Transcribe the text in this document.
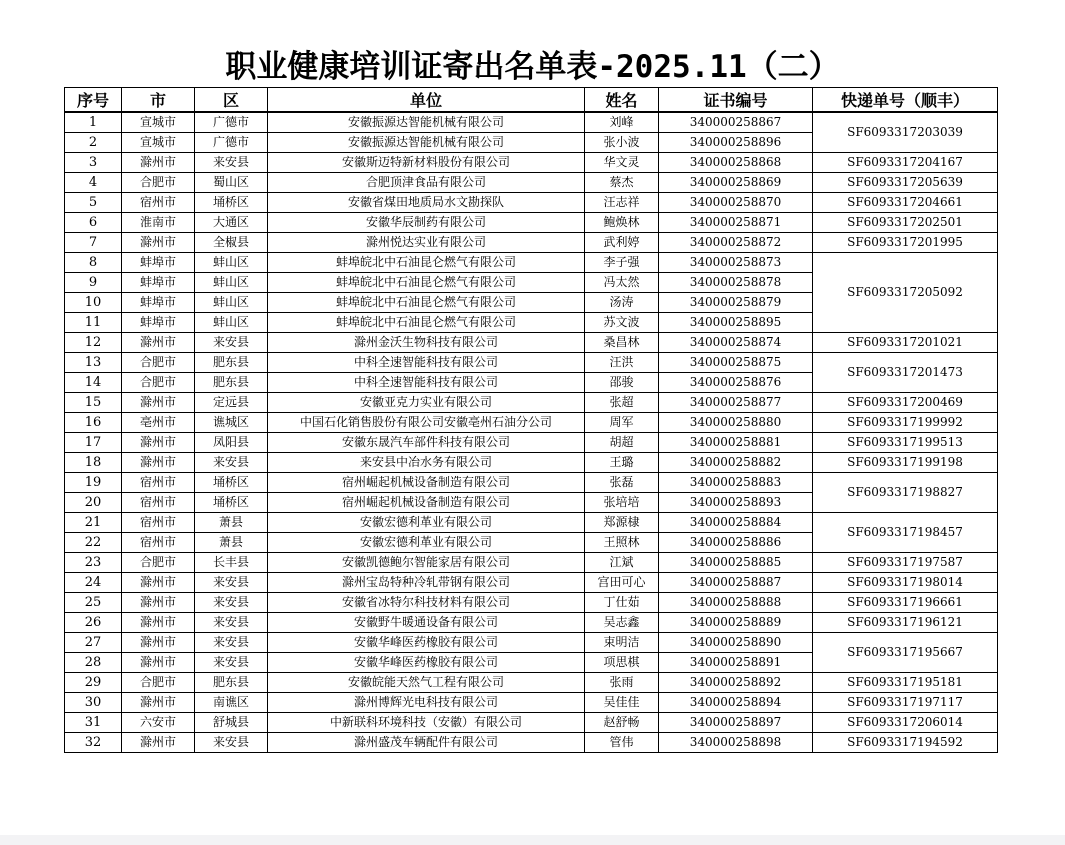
职业健康培训证寄出名单表-2025.11（二）
序号	市	区	单位	姓名	证书编号	快递单号（顺丰）
1	宣城市	广德市	安徽振源达智能机械有限公司	刘峰	340000258867	SF6093317203039
2	宣城市	广德市	安徽振源达智能机械有限公司	张小波	340000258896	
3	滁州市	来安县	安徽斯迈特新材料股份有限公司	华文灵	340000258868	SF6093317204167
4	合肥市	蜀山区	合肥顶津食品有限公司	蔡杰	340000258869	SF6093317205639
5	宿州市	埇桥区	安徽省煤田地质局水文勘探队	汪志祥	340000258870	SF6093317204661
6	淮南市	大通区	安徽华辰制药有限公司	鲍焕林	340000258871	SF6093317202501
7	滁州市	全椒县	滁州悦达实业有限公司	武利婷	340000258872	SF6093317201995
8	蚌埠市	蚌山区	蚌埠皖北中石油昆仑燃气有限公司	李子强	340000258873	SF6093317205092
9	蚌埠市	蚌山区	蚌埠皖北中石油昆仑燃气有限公司	冯太然	340000258878	
10	蚌埠市	蚌山区	蚌埠皖北中石油昆仑燃气有限公司	汤涛	340000258879	
11	蚌埠市	蚌山区	蚌埠皖北中石油昆仑燃气有限公司	苏文波	340000258895	
12	滁州市	来安县	滁州金沃生物科技有限公司	桑昌林	340000258874	SF6093317201021
13	合肥市	肥东县	中科全速智能科技有限公司	汪洪	340000258875	SF6093317201473
14	合肥市	肥东县	中科全速智能科技有限公司	邵骏	340000258876	
15	滁州市	定远县	安徽亚克力实业有限公司	张超	340000258877	SF6093317200469
16	亳州市	谯城区	中国石化销售股份有限公司安徽亳州石油分公司	周军	340000258880	SF6093317199992
17	滁州市	凤阳县	安徽东晟汽车部件科技有限公司	胡超	340000258881	SF6093317199513
18	滁州市	来安县	来安县中冶水务有限公司	王璐	340000258882	SF6093317199198
19	宿州市	埇桥区	宿州崛起机械设备制造有限公司	张磊	340000258883	SF6093317198827
20	宿州市	埇桥区	宿州崛起机械设备制造有限公司	张培培	340000258893	
21	宿州市	萧县	安徽宏德利革业有限公司	郑源棣	340000258884	SF6093317198457
22	宿州市	萧县	安徽宏德利革业有限公司	王照林	340000258886	
23	合肥市	长丰县	安徽凯德鲍尔智能家居有限公司	江斌	340000258885	SF6093317197587
24	滁州市	来安县	滁州宝岛特种冷轧带钢有限公司	宫田可心	340000258887	SF6093317198014
25	滁州市	来安县	安徽省冰特尔科技材料有限公司	丁仕茹	340000258888	SF6093317196661
26	滁州市	来安县	安徽野牛暖通设备有限公司	吴志鑫	340000258889	SF6093317196121
27	滁州市	来安县	安徽华峰医药橡胶有限公司	束明洁	340000258890	SF6093317195667
28	滁州市	来安县	安徽华峰医药橡胶有限公司	项思棋	340000258891	
29	合肥市	肥东县	安徽皖能天然气工程有限公司	张雨	340000258892	SF6093317195181
30	滁州市	南谯区	滁州博辉光电科技有限公司	吴佳佳	340000258894	SF6093317197117
31	六安市	舒城县	中新联科环境科技（安徽）有限公司	赵舒畅	340000258897	SF6093317206014
32	滁州市	来安县	滁州盛茂车辆配件有限公司	管伟	340000258898	SF6093317194592
